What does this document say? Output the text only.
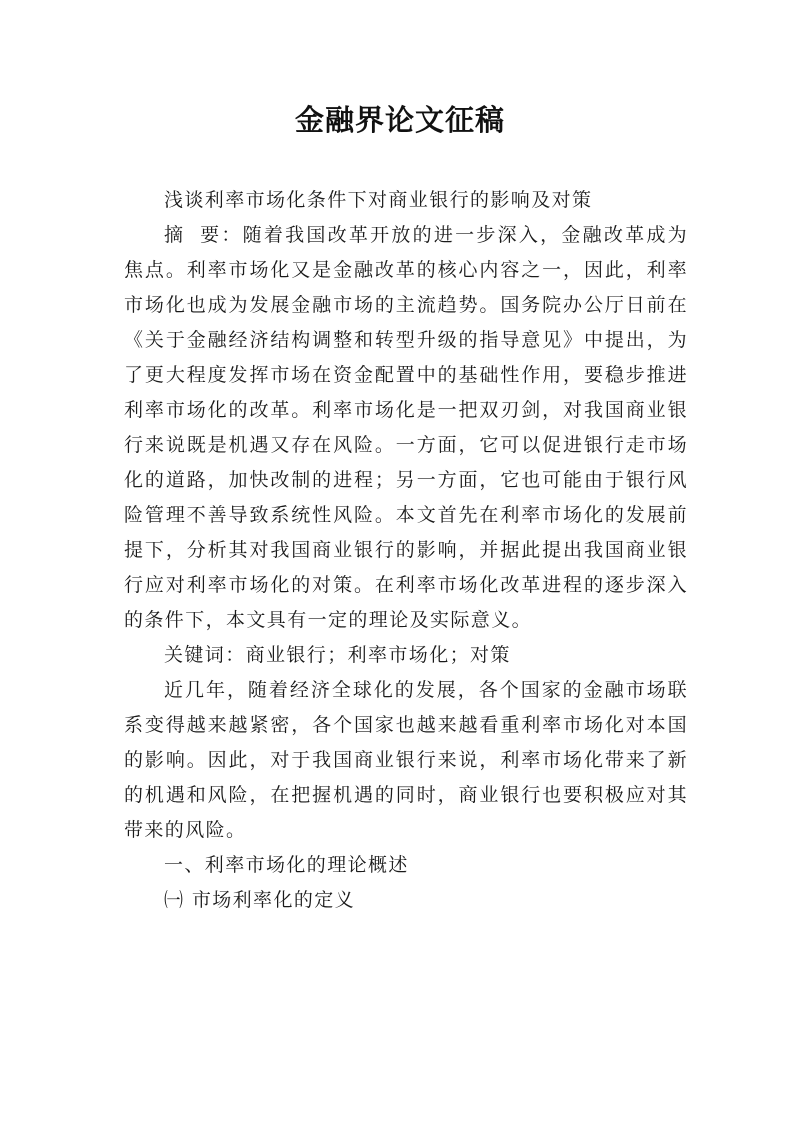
金融界论文征稿

浅谈利率市场化条件下对商业银行的影响及对策

摘 要：随着我国改革开放的进一步深入，金融改革成为焦点。利率市场化又是金融改革的核心内容之一，因此，利率市场化也成为发展金融市场的主流趋势。国务院办公厅日前在《关于金融经济结构调整和转型升级的指导意见》中提出，为了更大程度发挥市场在资金配置中的基础性作用，要稳步推进利率市场化的改革。利率市场化是一把双刃剑，对我国商业银行来说既是机遇又存在风险。一方面，它可以促进银行走市场化的道路，加快改制的进程；另一方面，它也可能由于银行风险管理不善导致系统性风险。本文首先在利率市场化的发展前提下，分析其对我国商业银行的影响，并据此提出我国商业银行应对利率市场化的对策。在利率市场化改革进程的逐步深入的条件下，本文具有一定的理论及实际意义。

关键词：商业银行；利率市场化；对策

近几年，随着经济全球化的发展，各个国家的金融市场联系变得越来越紧密，各个国家也越来越看重利率市场化对本国的影响。因此，对于我国商业银行来说，利率市场化带来了新的机遇和风险，在把握机遇的同时，商业银行也要积极应对其带来的风险。

一、利率市场化的理论概述

㈠ 市场利率化的定义
